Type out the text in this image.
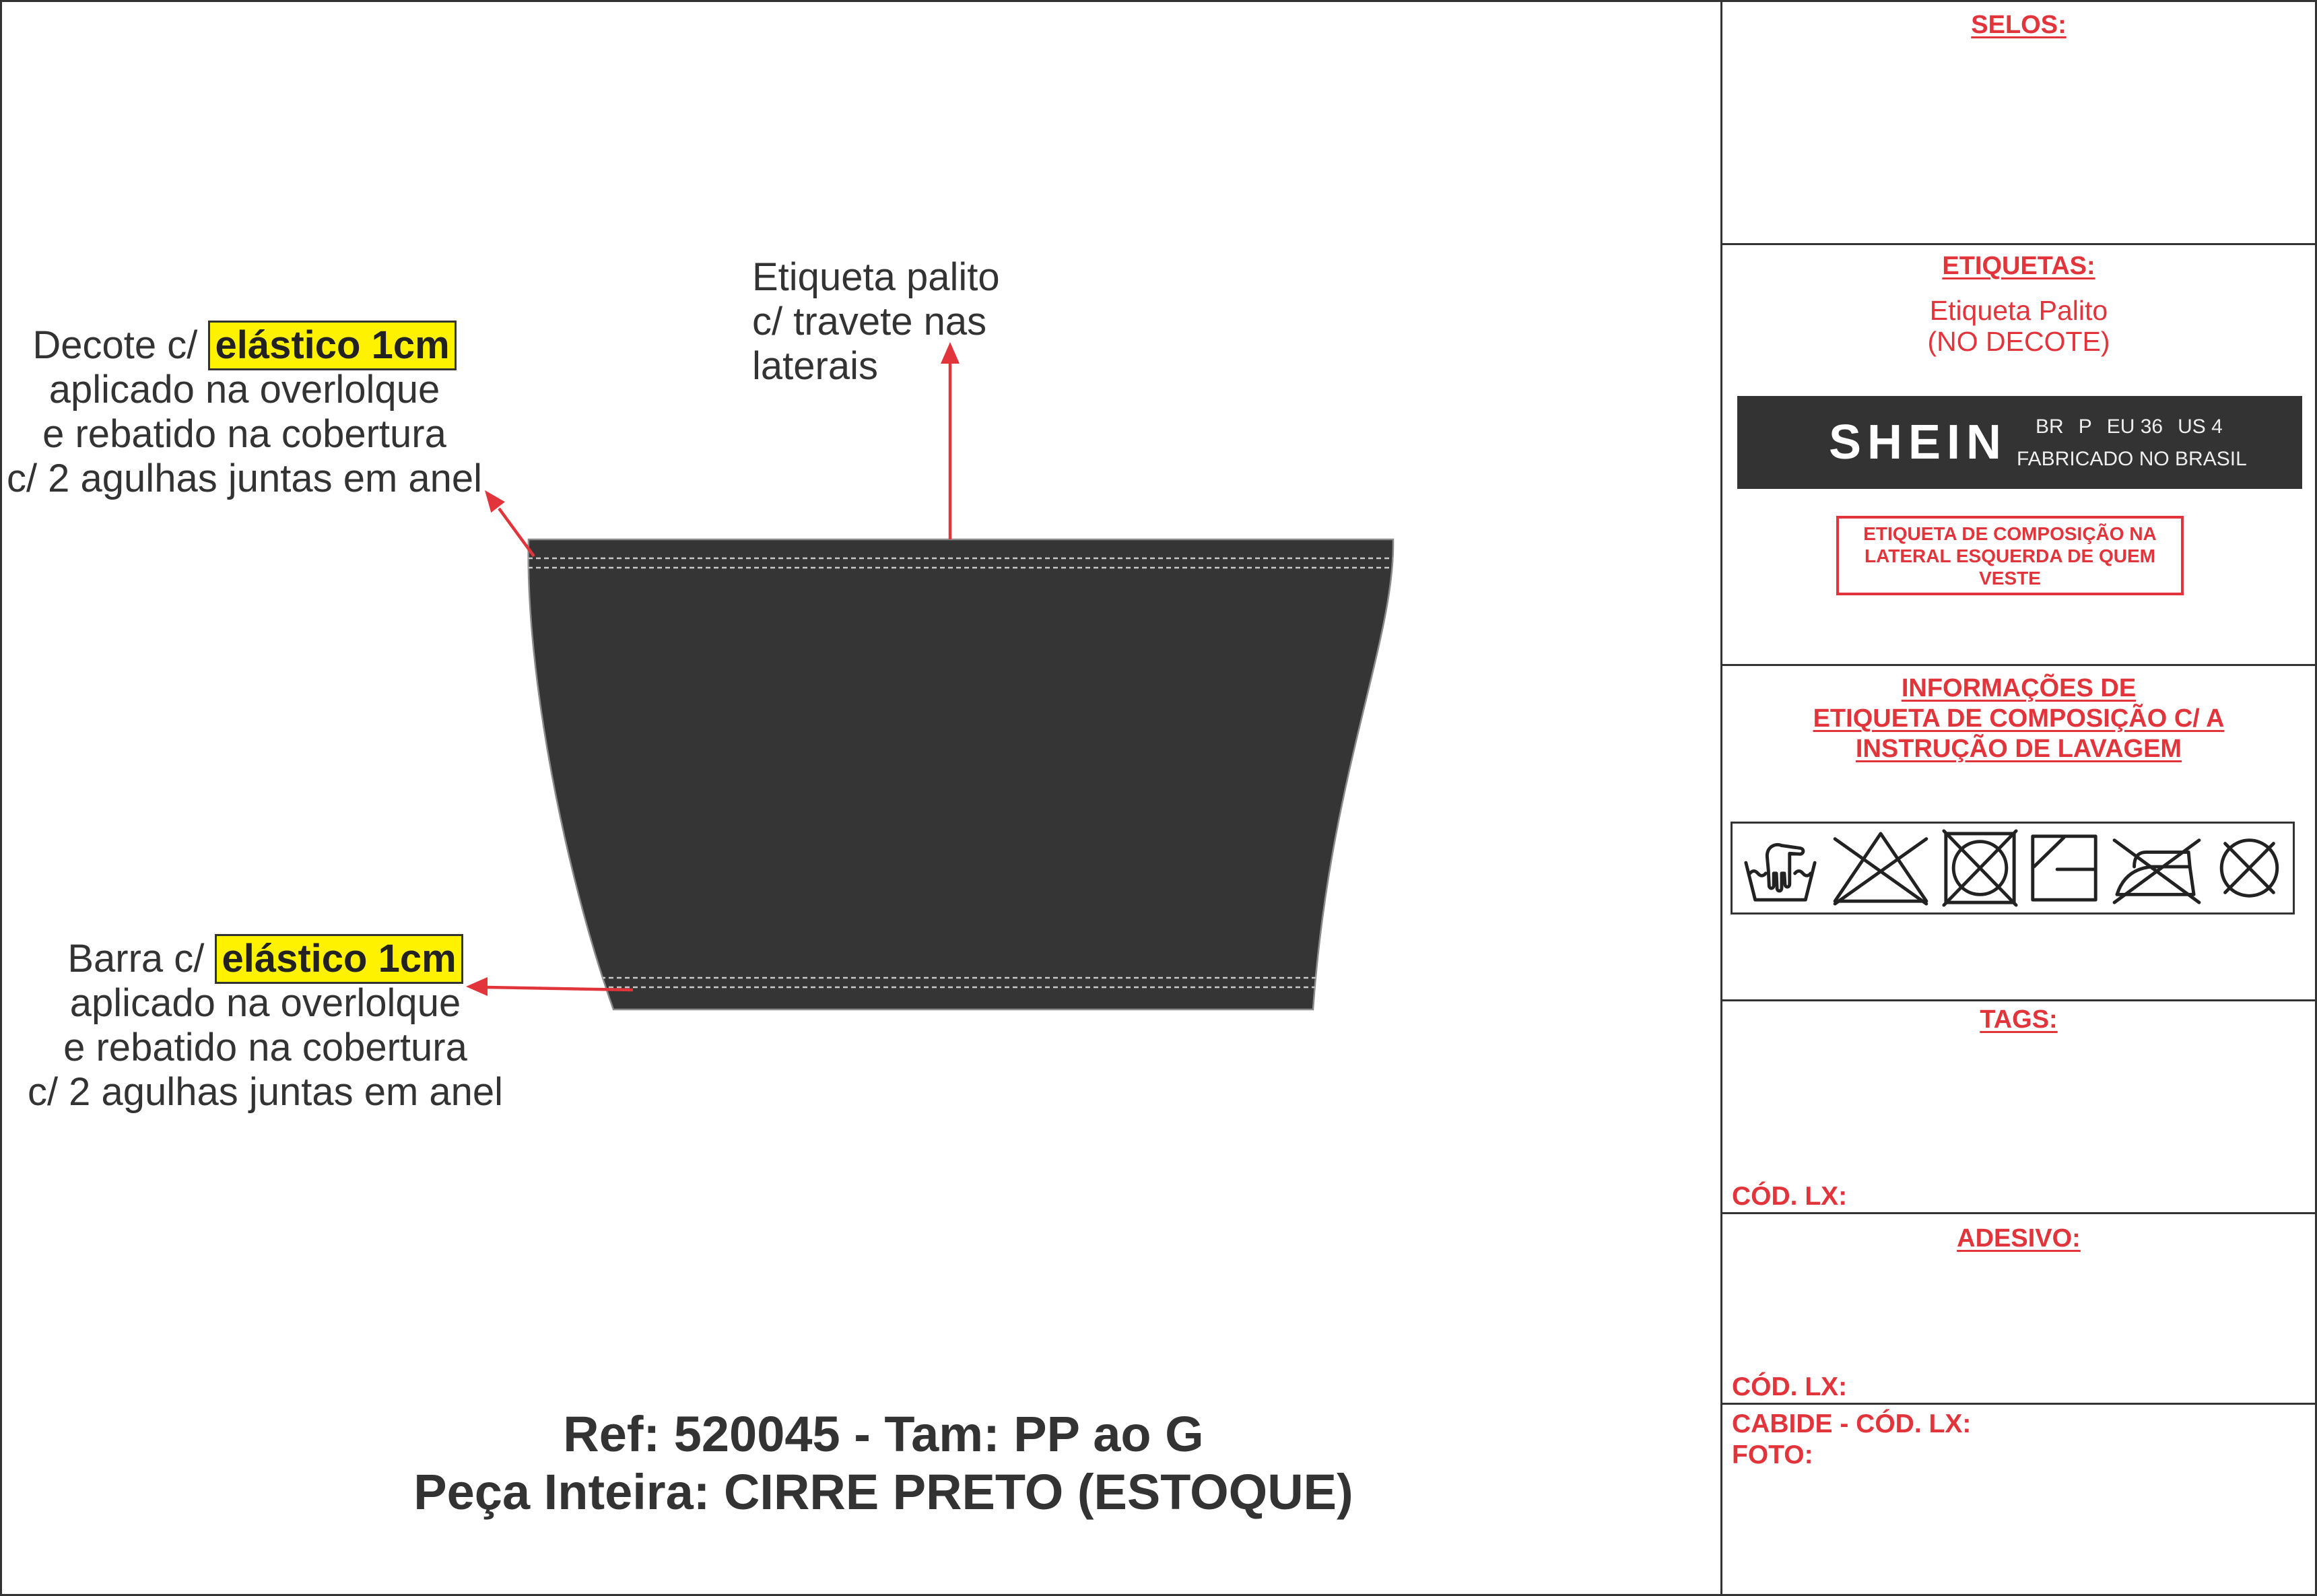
Etiqueta palito
c/ travete nas
laterais
Decote c/ elástico 1cm
aplicado na overlolque
e rebatido na cobertura
c/ 2 agulhas juntas em anel
Barra c/ elástico 1cm
aplicado na overlolque
e rebatido na cobertura
c/ 2 agulhas juntas em anel
Ref: 520045 - Tam: PP ao G
Peça Inteira: CIRRE PRETO (ESTOQUE)
SELOS:
ETIQUETAS:
Etiqueta Palito
(NO DECOTE)
SHEIN BR P EU 36 US 4
FABRICADO NO BRASIL
ETIQUETA DE COMPOSIÇÃO NA
LATERAL ESQUERDA DE QUEM
VESTE
INFORMAÇÕES DE
ETIQUETA DE COMPOSIÇÃO C/ A
INSTRUÇÃO DE LAVAGEM
TAGS:
CÓD. LX:
ADESIVO:
CÓD. LX:
CABIDE - CÓD. LX:
FOTO:
